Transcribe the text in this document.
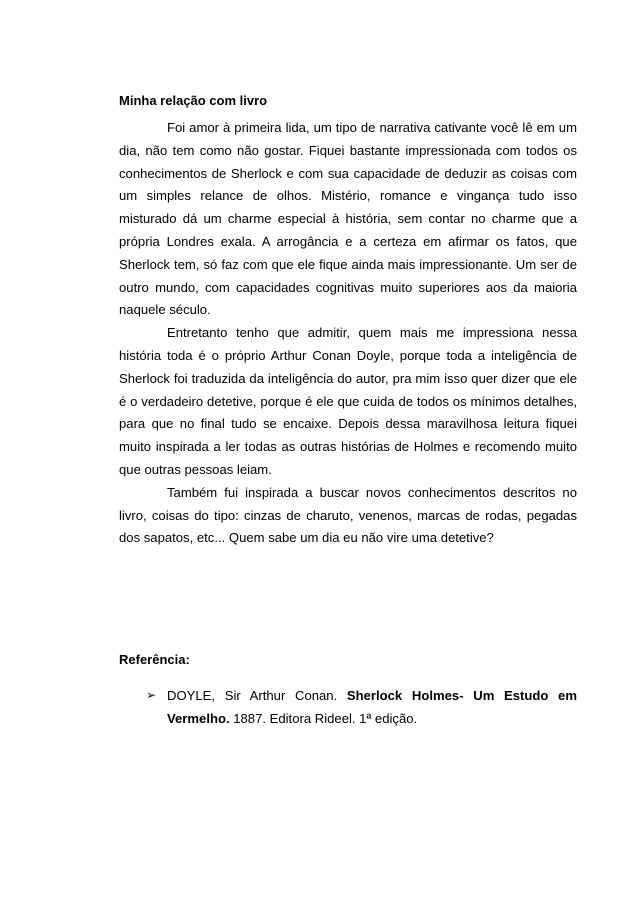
Minha relação com livro

Foi amor à primeira lida, um tipo de narrativa cativante você lê em um dia, não tem como não gostar. Fiquei bastante impressionada com todos os conhecimentos de Sherlock e com sua capacidade de deduzir as coisas com um simples relance de olhos. Mistério, romance e vingança tudo isso misturado dá um charme especial à história, sem contar no charme que a própria Londres exala. A arrogância e a certeza em afirmar os fatos, que Sherlock tem, só faz com que ele fique ainda mais impressionante. Um ser de outro mundo, com capacidades cognitivas muito superiores aos da maioria naquele século.

Entretanto tenho que admitir, quem mais me impressiona nessa história toda é o próprio Arthur Conan Doyle, porque toda a inteligência de Sherlock foi traduzida da inteligência do autor, pra mim isso quer dizer que ele é o verdadeiro detetive, porque é ele que cuida de todos os mínimos detalhes, para que no final tudo se encaixe. Depois dessa maravilhosa leitura fiquei muito inspirada a ler todas as outras histórias de Holmes e recomendo muito que outras pessoas leiam.

Também fui inspirada a buscar novos conhecimentos descritos no livro, coisas do tipo: cinzas de charuto, venenos, marcas de rodas, pegadas dos sapatos, etc... Quem sabe um dia eu não vire uma detetive?

Referência:
➢ DOYLE, Sir Arthur Conan. Sherlock Holmes- Um Estudo em Vermelho. 1887. Editora Rideel. 1ª edição.
